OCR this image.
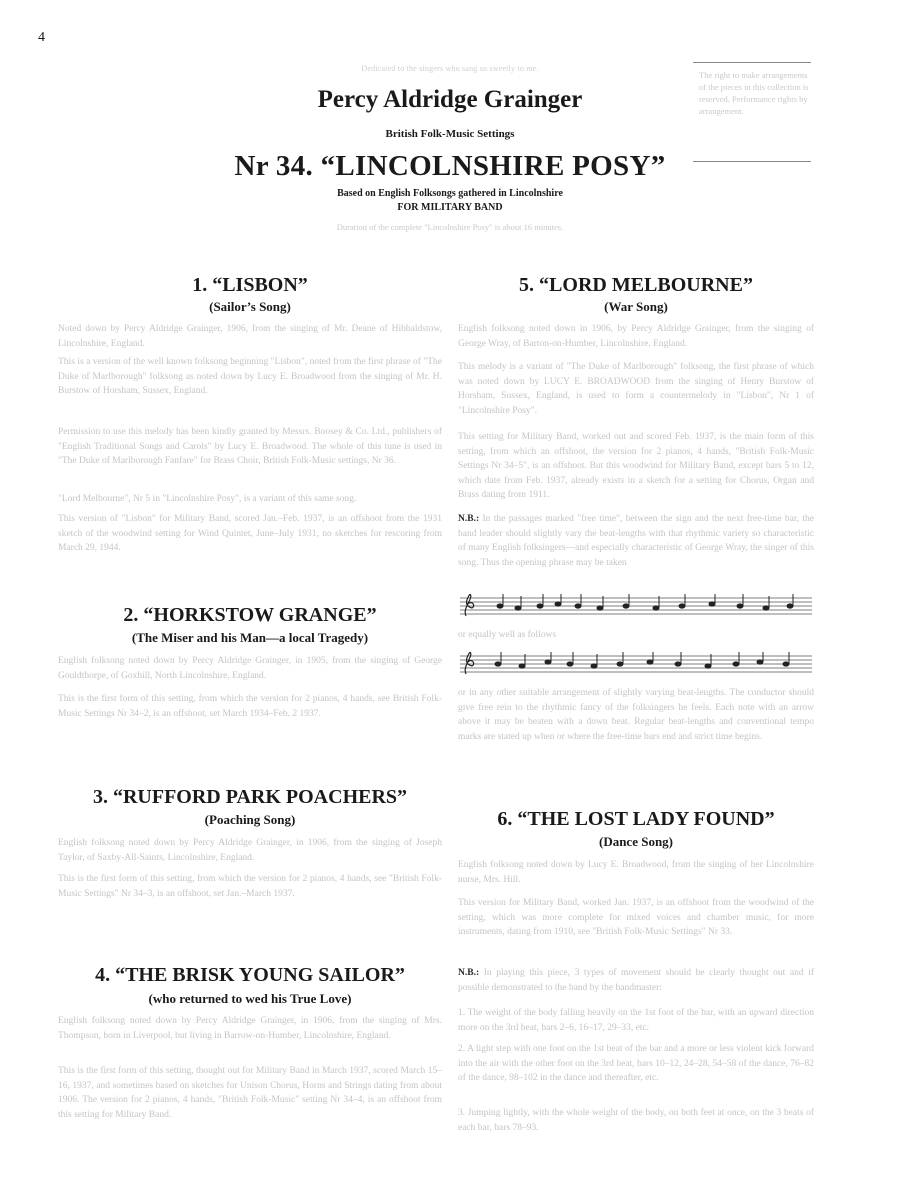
4
Dedicated to the singers who sang so sweetly to me.
The right to make arrangements of the pieces in this collection is reserved. Performance rights by arrangement.
Percy Aldridge Grainger
British Folk-Music Settings
Nr 34. “LINCOLNSHIRE POSY”
Based on English Folksongs gathered in Lincolnshire
FOR MILITARY BAND
Duration of the complete "Lincolnshire Posy" is about 16 minutes.
1. “LISBON”
(Sailor’s Song)
Noted down by Percy Aldridge Grainger, 1906, from the singing of Mr. Deane of Hibbaldstow, Lincolnshire, England.
This is a version of the well known folksong beginning "Lisbon", noted from the first phrase of "The Duke of Marlborough" folksong as noted down by Lucy E. Broadwood from the singing of Mr. H. Burstow of Horsham, Sussex, England.
Permission to use this melody has been kindly granted by Messrs. Boosey & Co. Ltd., publishers of "English Traditional Songs and Carols" by Lucy E. Broadwood. The whole of this tune is used in "The Duke of Marlborough Fanfare" for Brass Choir, British Folk-Music settings, Nr 36.
"Lord Melbourne", Nr 5 in "Lincolnshire Posy", is a variant of this same song.
This version of "Lisbon" for Military Band, scored Jan.–Feb. 1937, is an offshoot from the 1931 sketch of the woodwind setting for Wind Quintet, June–July 1931, no sketches for rescoring from March 29, 1944.
2. “HORKSTOW GRANGE”
(The Miser and his Man—a local Tragedy)
English folksong noted down by Percy Aldridge Grainger, in 1905, from the singing of George Gouldthorpe, of Goxhill, North Lincolnshire, England.
This is the first form of this setting, from which the version for 2 pianos, 4 hands, see British Folk-Music Settings Nr 34–2, is an offshoot, set March 1934–Feb. 2 1937.
3. “RUFFORD PARK POACHERS”
(Poaching Song)
English folksong noted down by Percy Aldridge Grainger, in 1906, from the singing of Joseph Taylor, of Saxby-All-Saints, Lincolnshire, England.
This is the first form of this setting, from which the version for 2 pianos, 4 hands, see "British Folk-Music Settings" Nr 34–3, is an offshoot, set Jan.–March 1937.
4. “THE BRISK YOUNG SAILOR”
(who returned to wed his True Love)
English folksong noted down by Percy Aldridge Grainger, in 1906, from the singing of Mrs. Thompson, born in Liverpool, but living in Barrow-on-Humber, Lincolnshire, England.
This is the first form of this setting, thought out for Military Band in March 1937, scored March 15–16, 1937, and sometimes based on sketches for Unison Chorus, Horns and Strings dating from about 1906. The version for 2 pianos, 4 hands, "British Folk-Music" setting Nr 34–4, is an offshoot from this setting for Military Band.
5. “LORD MELBOURNE”
(War Song)
English folksong noted down in 1906, by Percy Aldridge Grainger, from the singing of George Wray, of Barton-on-Humber, Lincolnshire, England.
This melody is a variant of "The Duke of Marlborough" folksong, the first phrase of which was noted down by LUCY E. BROADWOOD from the singing of Henry Burstow of Horsham, Sussex, England, is used to form a countermelody in "Lisbon", Nr 1 of "Lincolnshire Posy".
This setting for Military Band, worked out and scored Feb. 1937, is the main form of this setting, from which an offshoot, the version for 2 pianos, 4 hands, "British Folk-Music Settings Nr 34–5", is an offshoot. But this woodwind for Military Band, except bars 5 to 12, which date from Feb. 1937, already exists in a sketch for a setting for Chorus, Organ and Brass dating from 1911.
N.B.: In the passages marked "free time", between the sign and the next free-time bar, the band leader should slightly vary the beat-lengths with that rhythmic variety so characteristic of many English folksingers—and especially characteristic of George Wray, the singer of this song. Thus the opening phrase may be taken
or equally well as follows
or in any other suitable arrangement of slightly varying beat-lengths. The conductor should give free rein to the rhythmic fancy of the folksingers he feels. Each note with an arrow above it may be beaten with a down beat. Regular beat-lengths and conventional tempo marks are stated up when or where the free-time bars end and strict time begins.
6. “THE LOST LADY FOUND”
(Dance Song)
English folksong noted down by Lucy E. Broadwood, from the singing of her Lincolnshire nurse, Mrs. Hill.
This version for Military Band, worked Jan. 1937, is an offshoot from the woodwind of the setting, which was more complete for mixed voices and chamber music, for more instruments, dating from 1910, see "British Folk-Music Settings" Nr 33.
N.B.: In playing this piece, 3 types of movement should be clearly thought out and if possible demonstrated to the band by the bandmaster:
1. The weight of the body falling heavily on the 1st foot of the bar, with an upward direction more on the 3rd beat, bars 2–6, 16–17, 29–33, etc.
2. A light step with one foot on the 1st beat of the bar and a more or less violent kick forward into the air with the other foot on the 3rd beat, bars 10–12, 24–28, 54–58 of the dance, 76–82 of the dance, 98–102 in the dance and thereafter, etc.
3. Jumping lightly, with the whole weight of the body, on both feet at once, on the 3 beats of each bar, bars 78–93.
